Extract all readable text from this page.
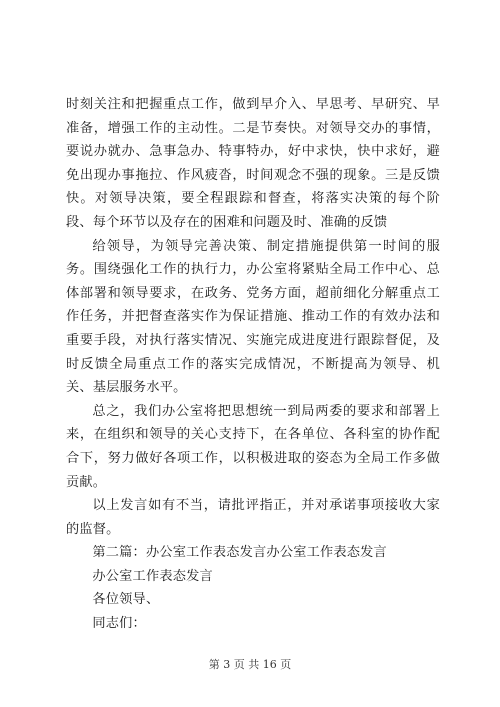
时刻关注和把握重点工作，做到早介入、早思考、早研究、早准备，增强工作的主动性。二是节奏快。对领导交办的事情，要说办就办、急事急办、特事特办，好中求快，快中求好，避免出现办事拖拉、作风疲沓，时间观念不强的现象。三是反馈快。对领导决策，要全程跟踪和督查，将落实决策的每个阶段、每个环节以及存在的困难和问题及时、准确的反馈

给领导，为领导完善决策、制定措施提供第一时间的服务。围绕强化工作的执行力，办公室将紧贴全局工作中心、总体部署和领导要求，在政务、党务方面，超前细化分解重点工作任务，并把督查落实作为保证措施、推动工作的有效办法和重要手段，对执行落实情况、实施完成进度进行跟踪督促，及时反馈全局重点工作的落实完成情况，不断提高为领导、机关、基层服务水平。

总之，我们办公室将把思想统一到局两委的要求和部署上来，在组织和领导的关心支持下，在各单位、各科室的协作配合下，努力做好各项工作，以积极进取的姿态为全局工作多做贡献。

以上发言如有不当，请批评指正，并对承诺事项接收大家的监督。

第二篇：办公室工作表态发言办公室工作表态发言

办公室工作表态发言

各位领导、

同志们：

第 3 页 共 16 页
